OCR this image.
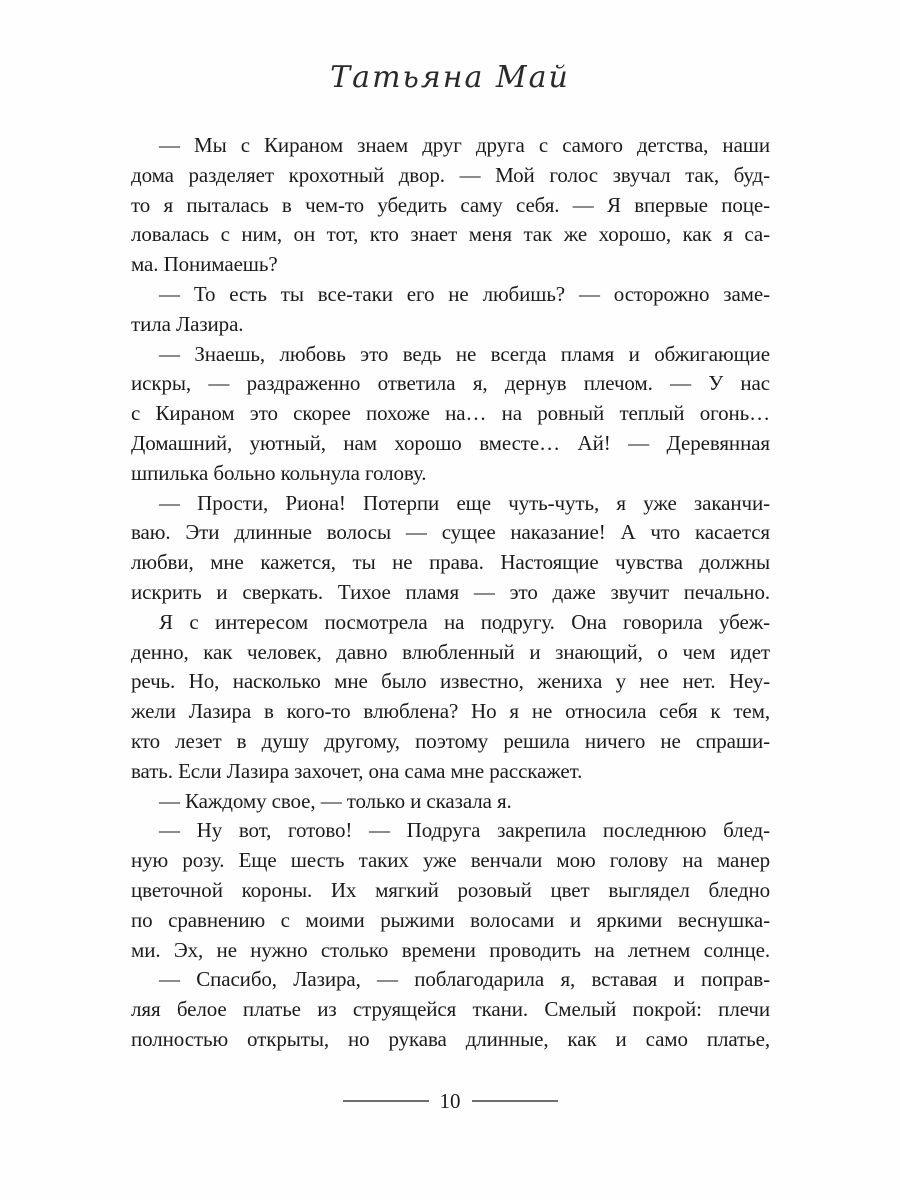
Татьяна Май

— Мы с Кираном знаем друг друга с самого детства, наши
дома разделяет крохотный двор. — Мой голос звучал так, буд-
то я пыталась в чем-то убедить саму себя. — Я впервые поце-
ловалась с ним, он тот, кто знает меня так же хорошо, как я са-
ма. Понимаешь?

— То есть ты все-таки его не любишь? — осторожно заме-
тила Лазира.

— Знаешь, любовь это ведь не всегда пламя и обжигающие
искры, — раздраженно ответила я, дернув плечом. — У нас
с Кираном это скорее похоже на… на ровный теплый огонь…
Домашний, уютный, нам хорошо вместе… Ай! — Деревянная
шпилька больно кольнула голову.

— Прости, Риона! Потерпи еще чуть-чуть, я уже заканчи-
ваю. Эти длинные волосы — сущее наказание! А что касается
любви, мне кажется, ты не права. Настоящие чувства должны
искрить и сверкать. Тихое пламя — это даже звучит печально.

Я с интересом посмотрела на подругу. Она говорила убеж-
денно, как человек, давно влюбленный и знающий, о чем идет
речь. Но, насколько мне было известно, жениха у нее нет. Неу-
жели Лазира в кого-то влюблена? Но я не относила себя к тем,
кто лезет в душу другому, поэтому решила ничего не спраши-
вать. Если Лазира захочет, она сама мне расскажет.

— Каждому свое, — только и сказала я.

— Ну вот, готово! — Подруга закрепила последнюю блед-
ную розу. Еще шесть таких уже венчали мою голову на манер
цветочной короны. Их мягкий розовый цвет выглядел бледно
по сравнению с моими рыжими волосами и яркими веснушка-
ми. Эх, не нужно столько времени проводить на летнем солнце.

— Спасибо, Лазира, — поблагодарила я, вставая и поправ-
ляя белое платье из струящейся ткани. Смелый покрой: плечи
полностью открыты, но рукава длинные, как и само платье,

10
